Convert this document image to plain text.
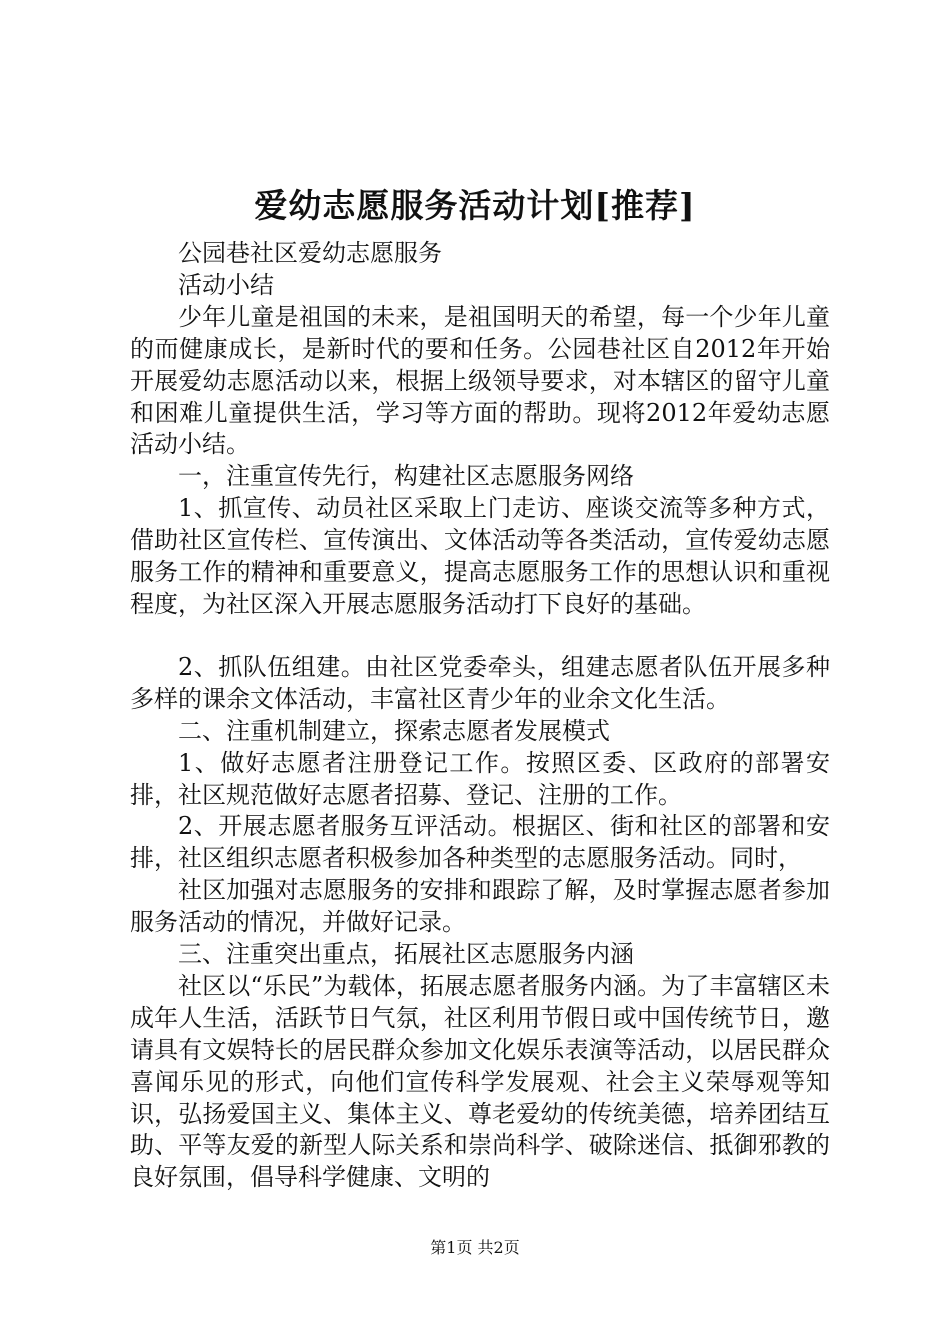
爱幼志愿服务活动计划[推荐]

公园巷社区爱幼志愿服务

活动小结

少年儿童是祖国的未来，是祖国明天的希望，每一个少年儿童的而健康成长，是新时代的要和任务。公园巷社区自2012年开始开展爱幼志愿活动以来，根据上级领导要求，对本辖区的留守儿童和困难儿童提供生活，学习等方面的帮助。现将2012年爱幼志愿活动小结。

一，注重宣传先行，构建社区志愿服务网络

1、抓宣传、动员社区采取上门走访、座谈交流等多种方式，借助社区宣传栏、宣传演出、文体活动等各类活动，宣传爱幼志愿服务工作的精神和重要意义，提高志愿服务工作的思想认识和重视程度，为社区深入开展志愿服务活动打下良好的基础。

2、抓队伍组建。由社区党委牵头，组建志愿者队伍开展多种多样的课余文体活动，丰富社区青少年的业余文化生活。

二、注重机制建立，探索志愿者发展模式

1、做好志愿者注册登记工作。按照区委、区政府的部署安排，社区规范做好志愿者招募、登记、注册的工作。

2、开展志愿者服务互评活动。根据区、街和社区的部署和安排，社区组织志愿者积极参加各种类型的志愿服务活动。同时，

社区加强对志愿服务的安排和跟踪了解，及时掌握志愿者参加服务活动的情况，并做好记录。

三、注重突出重点，拓展社区志愿服务内涵

社区以“乐民”为载体，拓展志愿者服务内涵。为了丰富辖区未成年人生活，活跃节日气氛，社区利用节假日或中国传统节日，邀请具有文娱特长的居民群众参加文化娱乐表演等活动，以居民群众喜闻乐见的形式，向他们宣传科学发展观、社会主义荣辱观等知识，弘扬爱国主义、集体主义、尊老爱幼的传统美德，培养团结互助、平等友爱的新型人际关系和崇尚科学、破除迷信、抵御邪教的良好氛围，倡导科学健康、文明的

第1页 共2页
